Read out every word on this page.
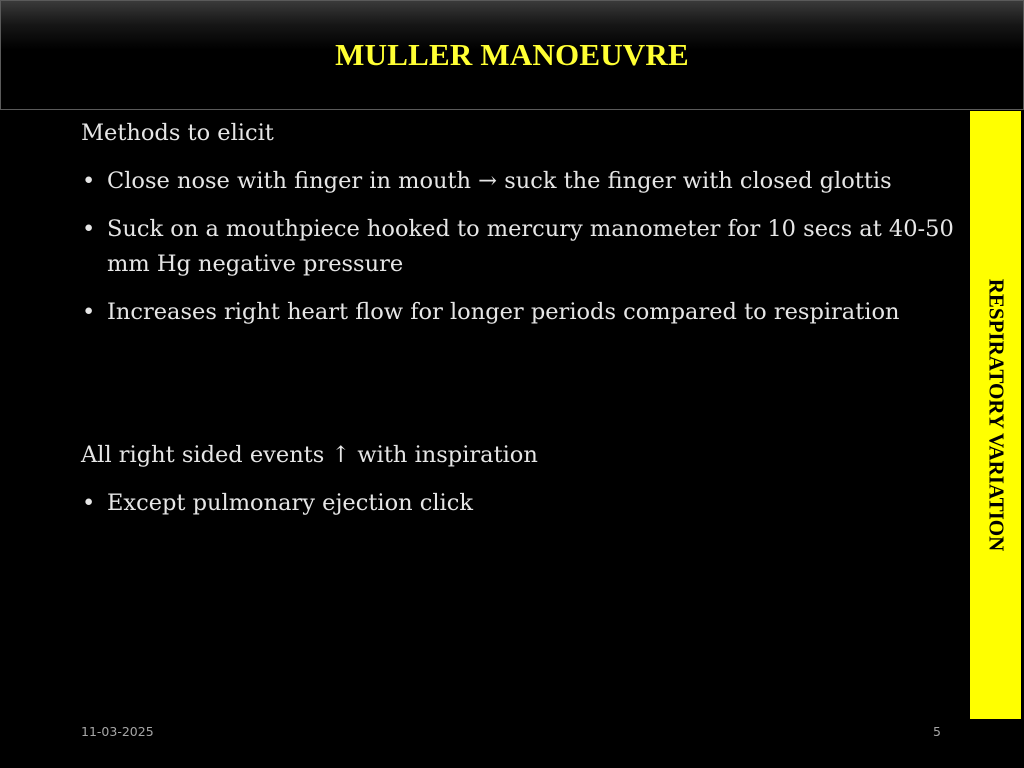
MULLER MANOEUVRE
RESPIRATORY VARIATION
Methods to elicit
• Close nose with finger in mouth → suck the finger with closed glottis
• Suck on a mouthpiece hooked to mercury manometer for 10 secs at 40-50 mm Hg negative pressure
• Increases right heart flow for longer periods compared to respiration
All right sided events ↑ with inspiration
• Except pulmonary ejection click
11-03-2025	5
